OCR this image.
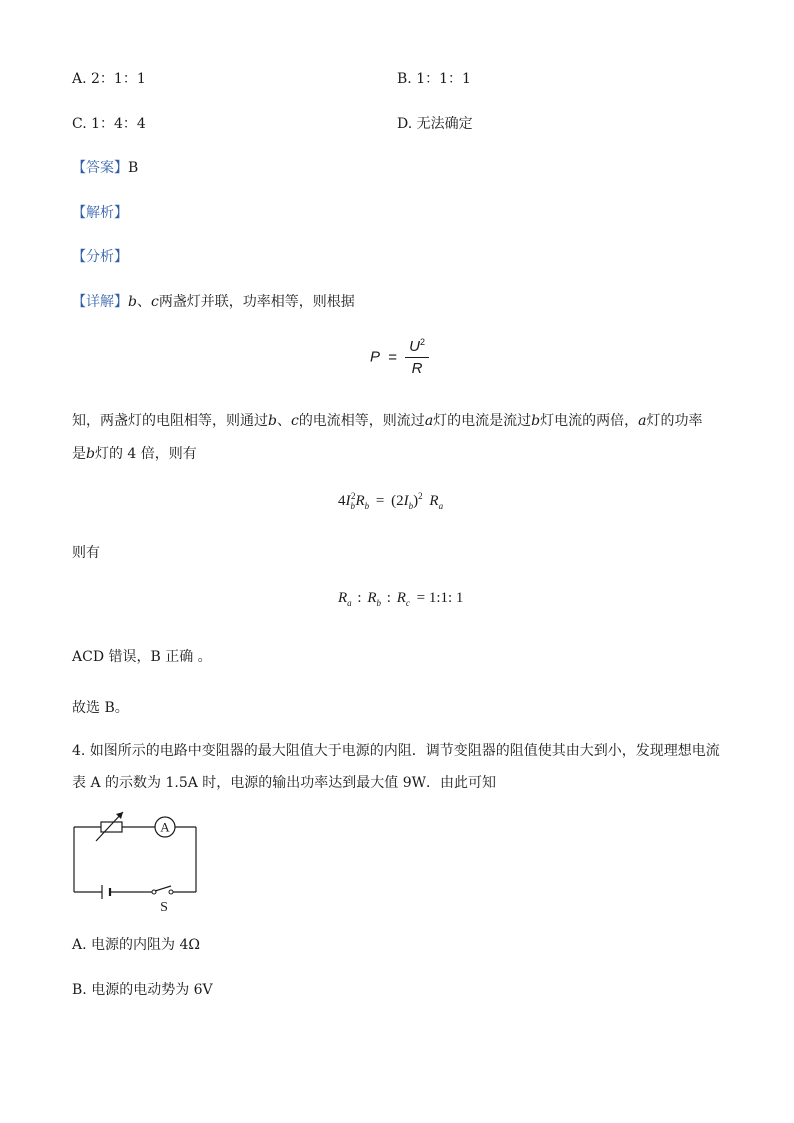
A. 2：1：1	B. 1：1：1
C. 1：4：4	D. 无法确定
【答案】B
【解析】
【分析】
【详解】b、c两盏灯并联，功率相等，则根据
$P = \frac{U^2}{R}$
知，两盏灯的电阻相等，则通过b、c的电流相等，则流过a灯的电流是流过b灯电流的两倍，a灯的功率
是b灯的 4 倍，则有
$4I_b^2R_b = (2I_b)^2$ $R_a$
则有
$R_a$ : $R_b$ : $R_c$ = 1:1: 1
ACD 错误，B 正确 。
故选 B。
4. 如图所示的电路中变阻器的最大阻值大于电源的内阻．调节变阻器的阻值使其由大到小，发现理想电流
表 A 的示数为 1.5A 时，电源的输出功率达到最大值 9W．由此可知
A
S
A. 电源的内阻为 4Ω
B. 电源的电动势为 6V
